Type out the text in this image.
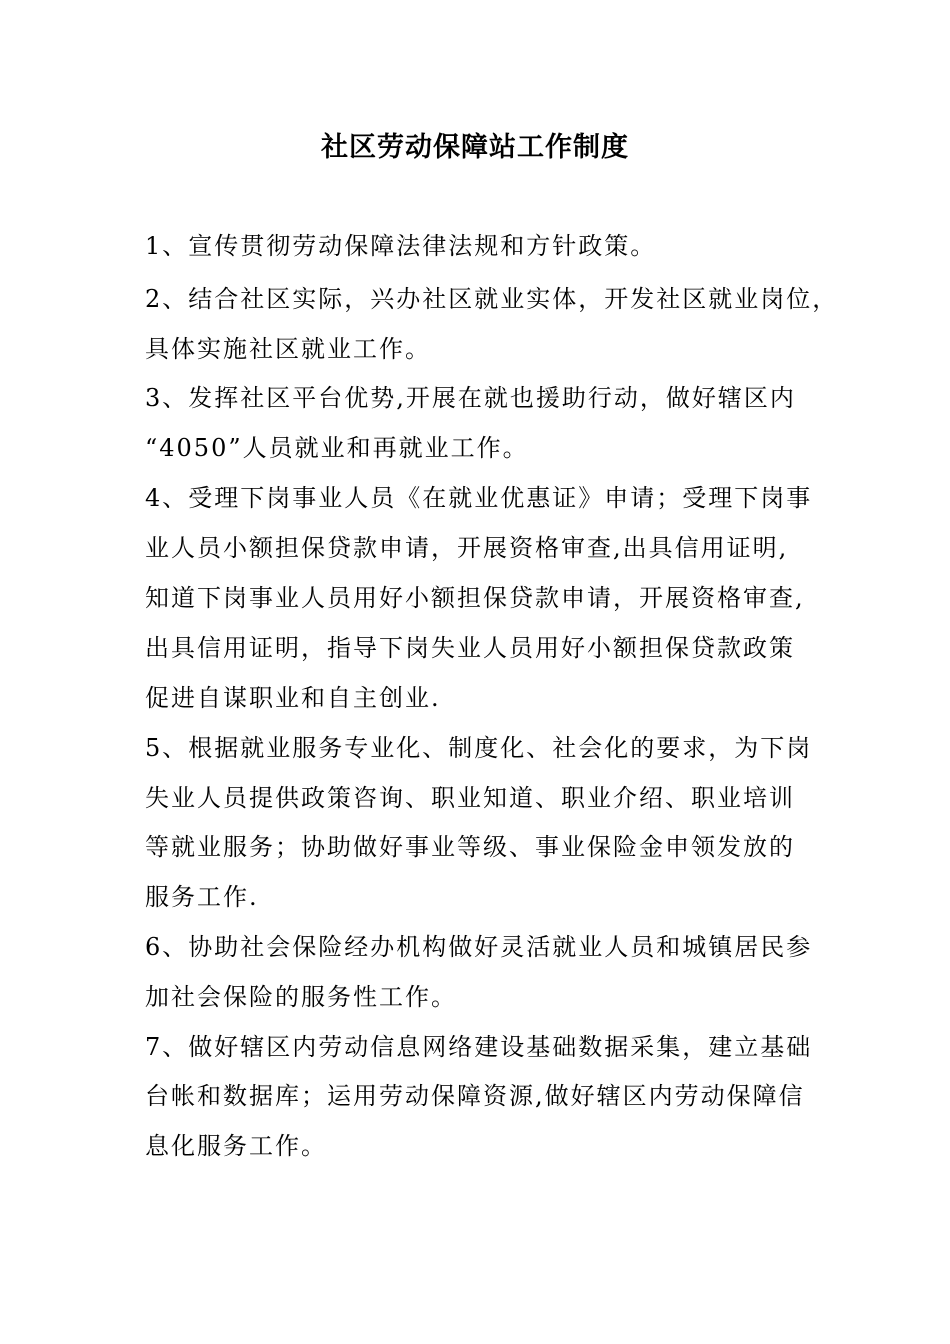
社区劳动保障站工作制度
1、宣传贯彻劳动保障法律法规和方针政策。
2、结合社区实际，兴办社区就业实体，开发社区就业岗位，
具体实施社区就业工作。
3、发挥社区平台优势,开展在就也援助行动，做好辖区内
“4050”人员就业和再就业工作。
4、受理下岗事业人员《在就业优惠证》申请；受理下岗事
业人员小额担保贷款申请，开展资格审查,出具信用证明,
知道下岗事业人员用好小额担保贷款申请，开展资格审查,
出具信用证明，指导下岗失业人员用好小额担保贷款政策
促进自谋职业和自主创业.
5、根据就业服务专业化、制度化、社会化的要求，为下岗
失业人员提供政策咨询、职业知道、职业介绍、职业培训
等就业服务；协助做好事业等级、事业保险金申领发放的
服务工作.
6、协助社会保险经办机构做好灵活就业人员和城镇居民参
加社会保险的服务性工作。
7、做好辖区内劳动信息网络建设基础数据采集，建立基础
台帐和数据库；运用劳动保障资源,做好辖区内劳动保障信
息化服务工作。
